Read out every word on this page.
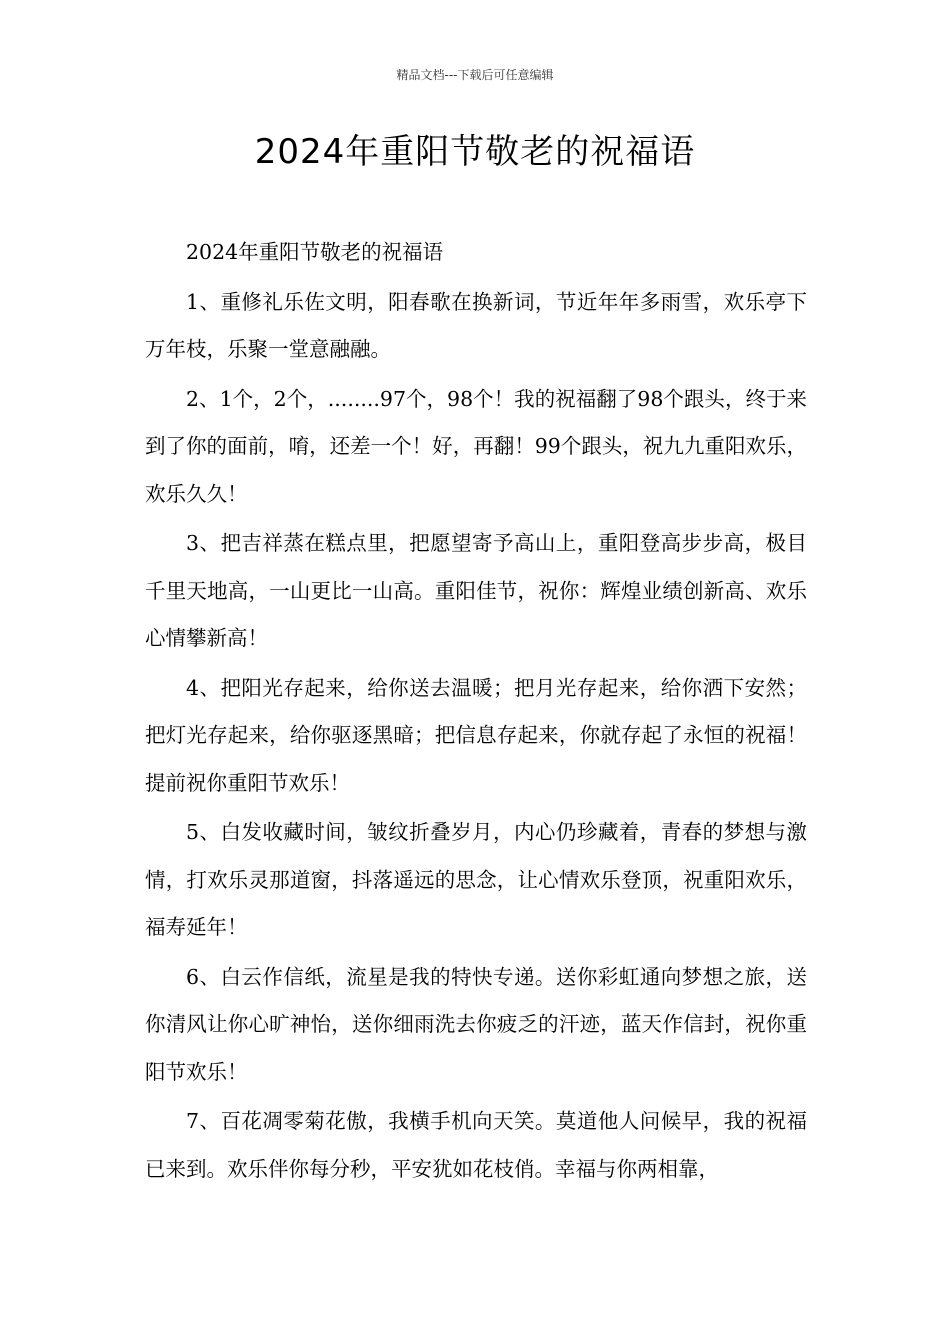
精品文档---下载后可任意编辑
2024年重阳节敬老的祝福语

2024年重阳节敬老的祝福语

1、重修礼乐佐文明，阳春歌在换新词，节近年年多雨雪，欢乐亭下万年枝，乐聚一堂意融融。

2、1个，2个，........97个，98个！我的祝福翻了98个跟头，终于来到了你的面前，唷，还差一个！好，再翻！99个跟头，祝九九重阳欢乐，欢乐久久！

3、把吉祥蒸在糕点里，把愿望寄予高山上，重阳登高步步高，极目千里天地高，一山更比一山高。重阳佳节，祝你：辉煌业绩创新高、欢乐心情攀新高！

4、把阳光存起来，给你送去温暖；把月光存起来，给你洒下安然；把灯光存起来，给你驱逐黑暗；把信息存起来，你就存起了永恒的祝福！提前祝你重阳节欢乐！

5、白发收藏时间，皱纹折叠岁月，内心仍珍藏着，青春的梦想与激情，打欢乐灵那道窗，抖落遥远的思念，让心情欢乐登顶，祝重阳欢乐，福寿延年！

6、白云作信纸，流星是我的特快专递。送你彩虹通向梦想之旅，送你清风让你心旷神怡，送你细雨洗去你疲乏的汗迹，蓝天作信封，祝你重阳节欢乐！

7、百花凋零菊花傲，我横手机向天笑。莫道他人问候早，我的祝福已来到。欢乐伴你每分秒，平安犹如花枝俏。幸福与你两相靠，
